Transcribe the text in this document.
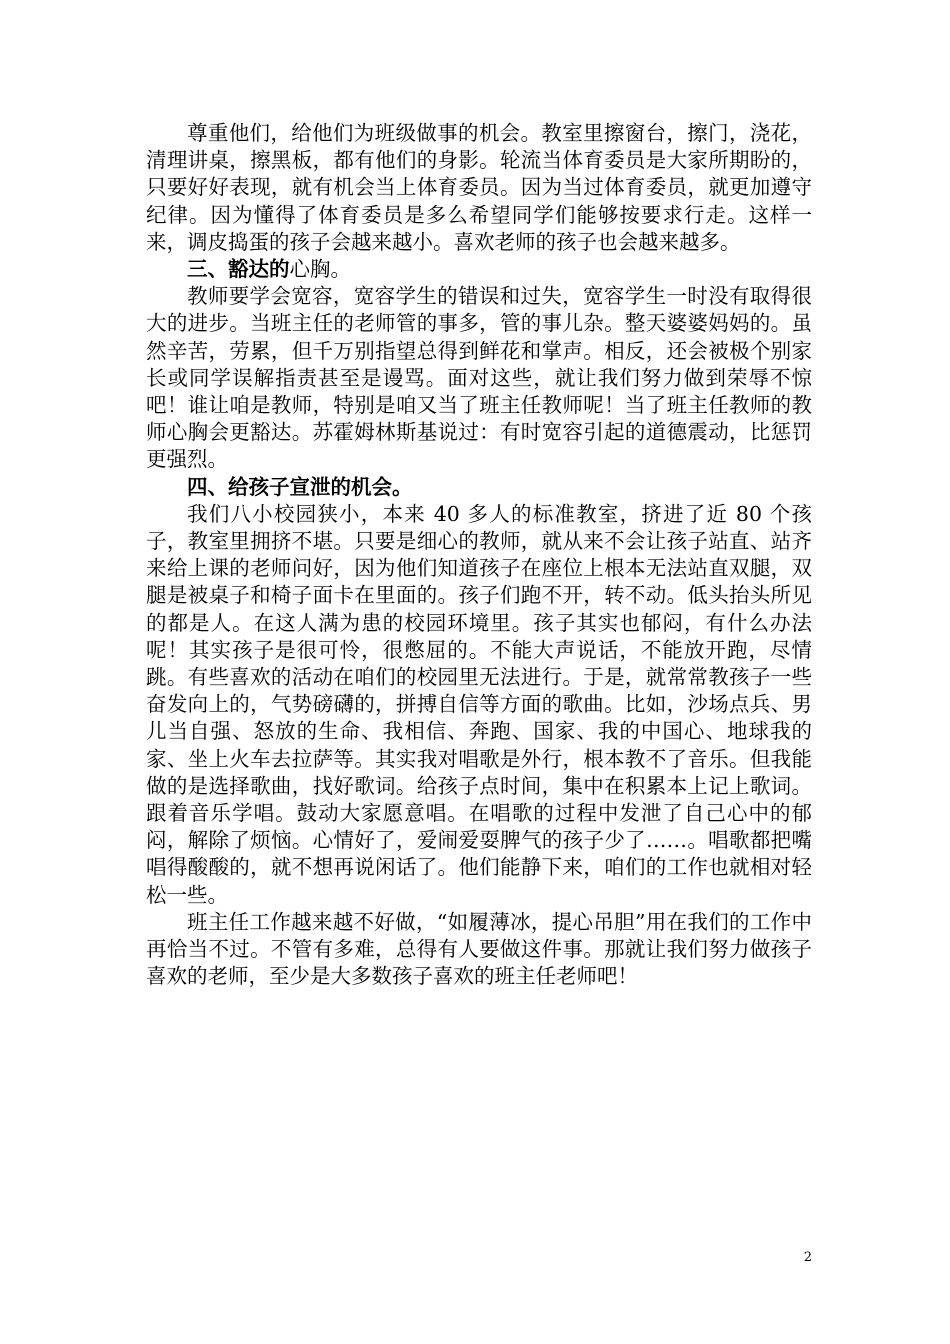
尊重他们，给他们为班级做事的机会。教室里擦窗台，擦门，浇花，清理讲桌，擦黑板，都有他们的身影。轮流当体育委员是大家所期盼的，只要好好表现，就有机会当上体育委员。因为当过体育委员，就更加遵守纪律。因为懂得了体育委员是多么希望同学们能够按要求行走。这样一来，调皮捣蛋的孩子会越来越小。喜欢老师的孩子也会越来越多。

三、豁达的心胸。

教师要学会宽容，宽容学生的错误和过失，宽容学生一时没有取得很大的进步。当班主任的老师管的事多，管的事儿杂。整天婆婆妈妈的。虽然辛苦，劳累，但千万别指望总得到鲜花和掌声。相反，还会被极个别家长或同学误解指责甚至是谩骂。面对这些，就让我们努力做到荣辱不惊吧！谁让咱是教师，特别是咱又当了班主任教师呢！当了班主任教师的教师心胸会更豁达。苏霍姆林斯基说过：有时宽容引起的道德震动，比惩罚更强烈。

四、给孩子宣泄的机会。

我们八小校园狭小，本来 40 多人的标准教室，挤进了近 80 个孩子，教室里拥挤不堪。只要是细心的教师，就从来不会让孩子站直、站齐来给上课的老师问好，因为他们知道孩子在座位上根本无法站直双腿，双腿是被桌子和椅子面卡在里面的。孩子们跑不开，转不动。低头抬头所见的都是人。在这人满为患的校园环境里。孩子其实也郁闷，有什么办法呢！其实孩子是很可怜，很憋屈的。不能大声说话，不能放开跑，尽情跳。有些喜欢的活动在咱们的校园里无法进行。于是，就常常教孩子一些奋发向上的，气势磅礴的，拼搏自信等方面的歌曲。比如，沙场点兵、男儿当自强、怒放的生命、我相信、奔跑、国家、我的中国心、地球我的家、坐上火车去拉萨等。其实我对唱歌是外行，根本教不了音乐。但我能做的是选择歌曲，找好歌词。给孩子点时间，集中在积累本上记上歌词。跟着音乐学唱。鼓动大家愿意唱。在唱歌的过程中发泄了自己心中的郁闷，解除了烦恼。心情好了，爱闹爱耍脾气的孩子少了……。唱歌都把嘴唱得酸酸的，就不想再说闲话了。他们能静下来，咱们的工作也就相对轻松一些。

班主任工作越来越不好做，“如履薄冰，提心吊胆”用在我们的工作中再恰当不过。不管有多难，总得有人要做这件事。那就让我们努力做孩子喜欢的老师，至少是大多数孩子喜欢的班主任老师吧！

2
